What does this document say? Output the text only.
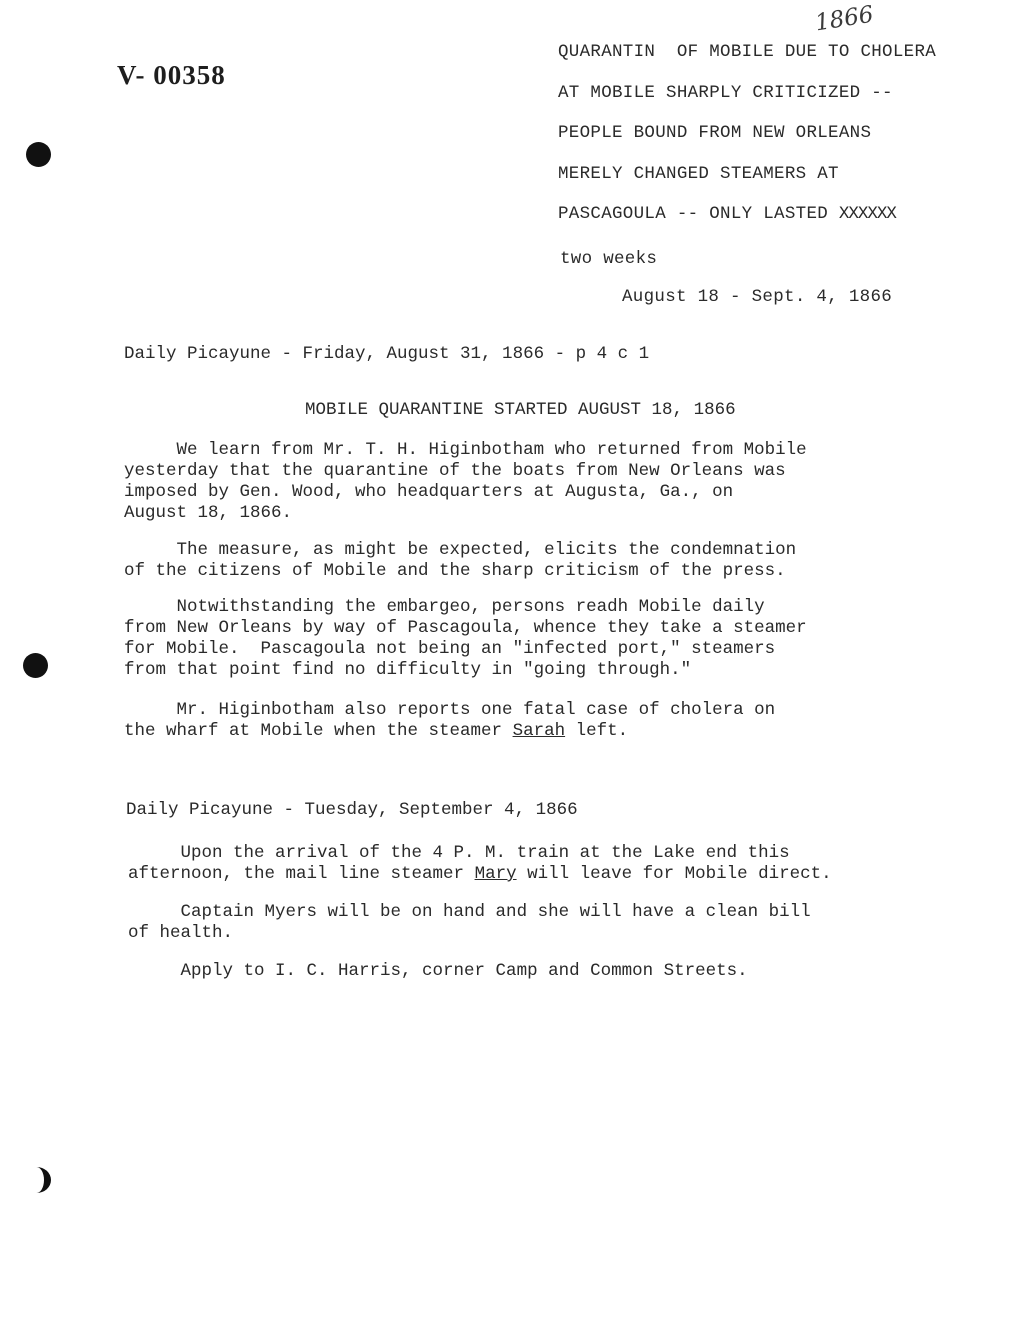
V- 00358
1866
QUARANTIN  OF MOBILE DUE TO CHOLERA
AT MOBILE SHARPLY CRITICIZED --
PEOPLE BOUND FROM NEW ORLEANS
MERELY CHANGED STEAMERS AT
PASCAGOULA -- ONLY LASTED XXXXXX
two weeks
August 18 - Sept. 4, 1866
Daily Picayune - Friday, August 31, 1866 - p 4 c 1
MOBILE QUARANTINE STARTED AUGUST 18, 1866
We learn from Mr. T. H. Higinbotham who returned from Mobile
yesterday that the quarantine of the boats from New Orleans was
imposed by Gen. Wood, who headquarters at Augusta, Ga., on
August 18, 1866.
The measure, as might be expected, elicits the condemnation
of the citizens of Mobile and the sharp criticism of the press.
Notwithstanding the embargeo, persons readh Mobile daily
from New Orleans by way of Pascagoula, whence they take a steamer
for Mobile.  Pascagoula not being an "infected port," steamers
from that point find no difficulty in "going through."
Mr. Higinbotham also reports one fatal case of cholera on
the wharf at Mobile when the steamer Sarah left.
Daily Picayune - Tuesday, September 4, 1866
Upon the arrival of the 4 P. M. train at the Lake end this
afternoon, the mail line steamer Mary will leave for Mobile direct.
Captain Myers will be on hand and she will have a clean bill
of health.
Apply to I. C. Harris, corner Camp and Common Streets.
